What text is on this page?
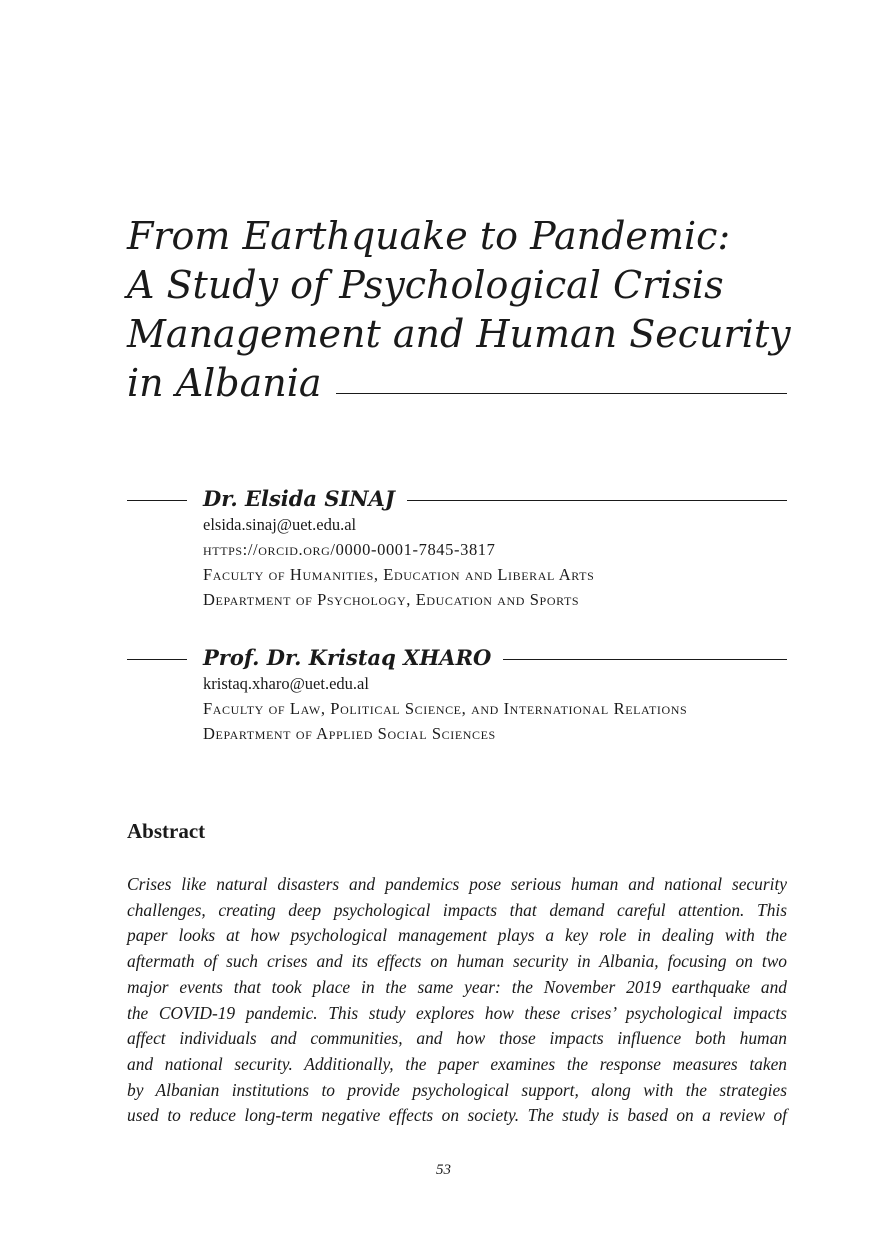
From Earthquake to Pandemic:
A Study of Psychological Crisis
Management and Human Security
in Albania
Dr. Elsida SINAJ
elsida.sinaj@uet.edu.al
https://orcid.org/0000-0001-7845-3817
Faculty of Humanities, Education and Liberal Arts
Department of Psychology, Education and Sports
Prof. Dr. Kristaq XHARO
kristaq.xharo@uet.edu.al
Faculty of Law, Political Science, and International Relations
Department of Applied Social Sciences
Abstract
Crises like natural disasters and pandemics pose serious human and national security
challenges, creating deep psychological impacts that demand careful attention. This
paper looks at how psychological management plays a key role in dealing with the
aftermath of such crises and its effects on human security in Albania, focusing on two
major events that took place in the same year: the November 2019 earthquake and
the COVID-19 pandemic. This study explores how these crises’ psychological impacts
affect individuals and communities, and how those impacts influence both human
and national security. Additionally, the paper examines the response measures taken
by Albanian institutions to provide psychological support, along with the strategies
used to reduce long-term negative effects on society. The study is based on a review of
53
